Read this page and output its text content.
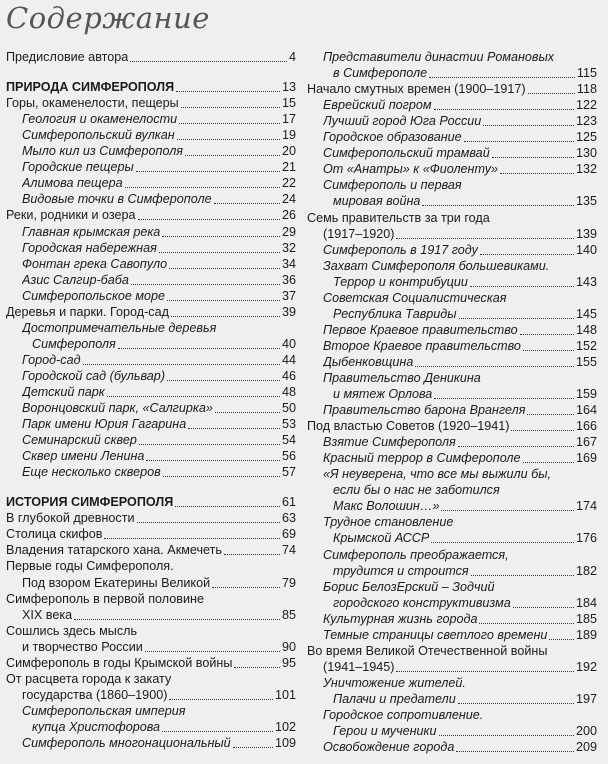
Содержание
Предисловие автора	4
ПРИРОДА СИМФЕРОПОЛЯ	13
Горы, окаменелости, пещеры	15
Геология и окаменелости	17
Симферопольский вулкан	19
Мыло кил из Симферополя	20
Городские пещеры	21
Алимова пещера	22
Видовые точки в Симферополе	24
Реки, родники и озера	26
Главная крымская река	29
Городская набережная	32
Фонтан грека Савопуло	34
Азис Салгир-баба	36
Симферопольское море	37
Деревья и парки. Город-сад	39
Достопримечательные деревья
Симферополя	40
Город-сад	44
Городской сад (бульвар)	46
Детский парк	48
Воронцовский парк, «Салгирка»	50
Парк имени Юрия Гагарина	53
Семинарский сквер	54
Сквер имени Ленина	56
Еще несколько скверов	57
ИСТОРИЯ СИМФЕРОПОЛЯ	61
В глубокой древности	63
Столица скифов	69
Владения татарского хана. Акмечеть	74
Первые годы Симферополя.
Под взором Екатерины Великой	79
Симферополь в первой половине
XIX века	85
Сошлись здесь мысль
и творчество России	90
Симферополь в годы Крымской войны	95
От расцвета города к закату
государства (1860–1900)	101
Симферопольская империя
купца Христофорова	102
Симферополь многонациональный	109
Представители династии Романовых
в Симферополе	115
Начало смутных времен (1900–1917)	118
Еврейский погром	122
Лучший город Юга России	123
Городское образование	125
Симферопольский трамвай	130
От «Анатры» к «Фиоленту»	132
Симферополь и первая
мировая война	135
Семь правительств за три года
(1917–1920)	139
Симферополь в 1917 году	140
Захват Симферополя большевиками.
Террор и контрибуции	143
Советская Социалистическая
Республика Тавриды	145
Первое Краевое правительство	148
Второе Краевое правительство	152
Дыбенковщина	155
Правительство Деникина
и мятеж Орлова	159
Правительство барона Врангеля	164
Под властью Советов (1920–1941)	166
Взятие Симферополя	167
Красный террор в Симферополе	169
«Я неуверена, что все мы выжили бы,
если бы о нас не заботился
Макс Волошин…»	174
Трудное становление
Крымской АССР	176
Симферополь преображается,
трудится и строится	182
Борис БелозЕрский – Зодчий
городского конструктивизма	184
Культурная жизнь города	185
Темные страницы светлого времени 189
Во время Великой Отечественной войны
(1941–1945)	192
Уничтожение жителей.
Палачи и предатели	197
Городское сопротивление.
Герои и мученики	200
Освобождение города	209
